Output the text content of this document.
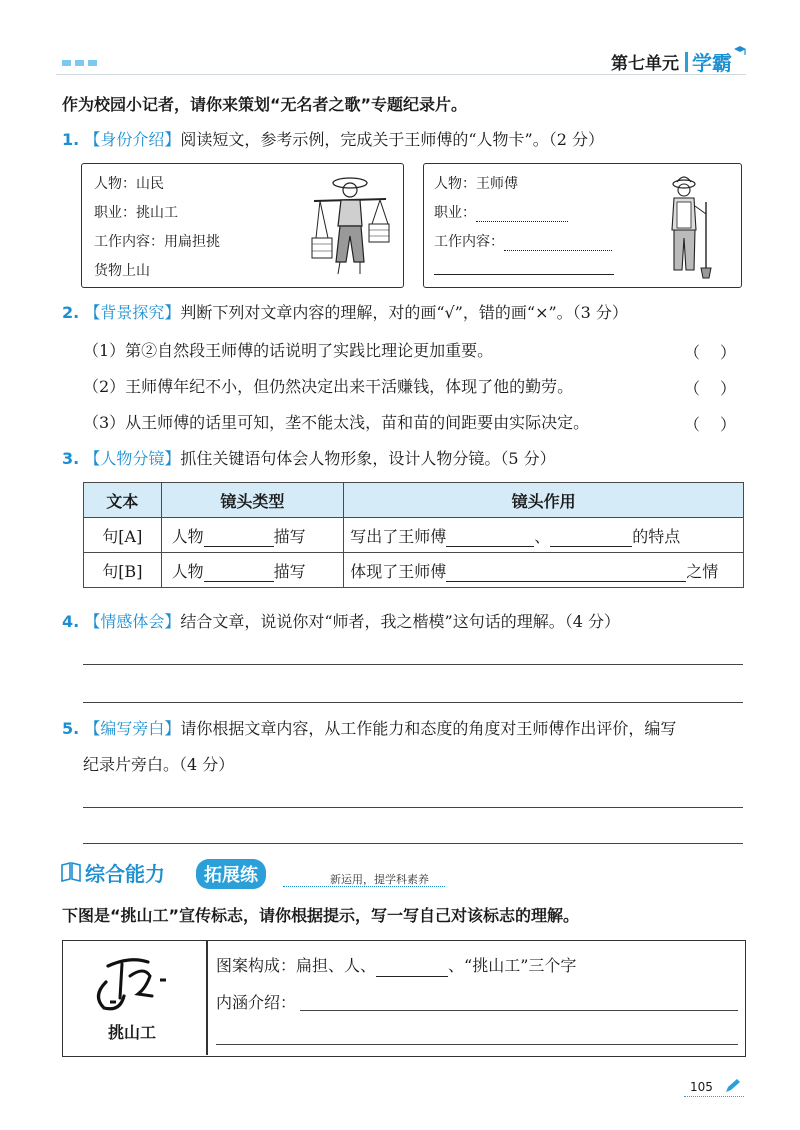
第七单元 学霸
作为校园小记者，请你来策划“无名者之歌”专题纪录片。
1. 【身份介绍】阅读短文，参考示例，完成关于王师傅的“人物卡”。（2 分）
人物：山民
职业：挑山工
工作内容：用扁担挑
货物上山
人物：王师傅
职业：
工作内容：
2. 【背景探究】判断下列对文章内容的理解，对的画“√”，错的画“×”。（3 分）
（1）第②自然段王师傅的话说明了实践比理论更加重要。	（ ）
（2）王师傅年纪不小，但仍然决定出来干活赚钱，体现了他的勤劳。	（ ）
（3）从王师傅的话里可知，垄不能太浅，苗和苗的间距要由实际决定。	（ ）
3. 【人物分镜】抓住关键语句体会人物形象，设计人物分镜。（5 分）
文本	镜头类型	镜头作用
句[A]	人物 描写	写出了王师傅 、 的特点
句[B]	人物 描写	体现了王师傅 之情
4. 【情感体会】结合文章，说说你对“师者，我之楷模”这句话的理解。（4 分）
5. 【编写旁白】请你根据文章内容，从工作能力和态度的角度对王师傅作出评价，编写
纪录片旁白。（4 分）
综合能力	拓展练	新运用，提学科素养
下图是“挑山工”宣传标志，请你根据提示，写一写自己对该标志的理解。
挑山工
图案构成：扁担、人、	、“挑山工”三个字
内涵介绍：
105
